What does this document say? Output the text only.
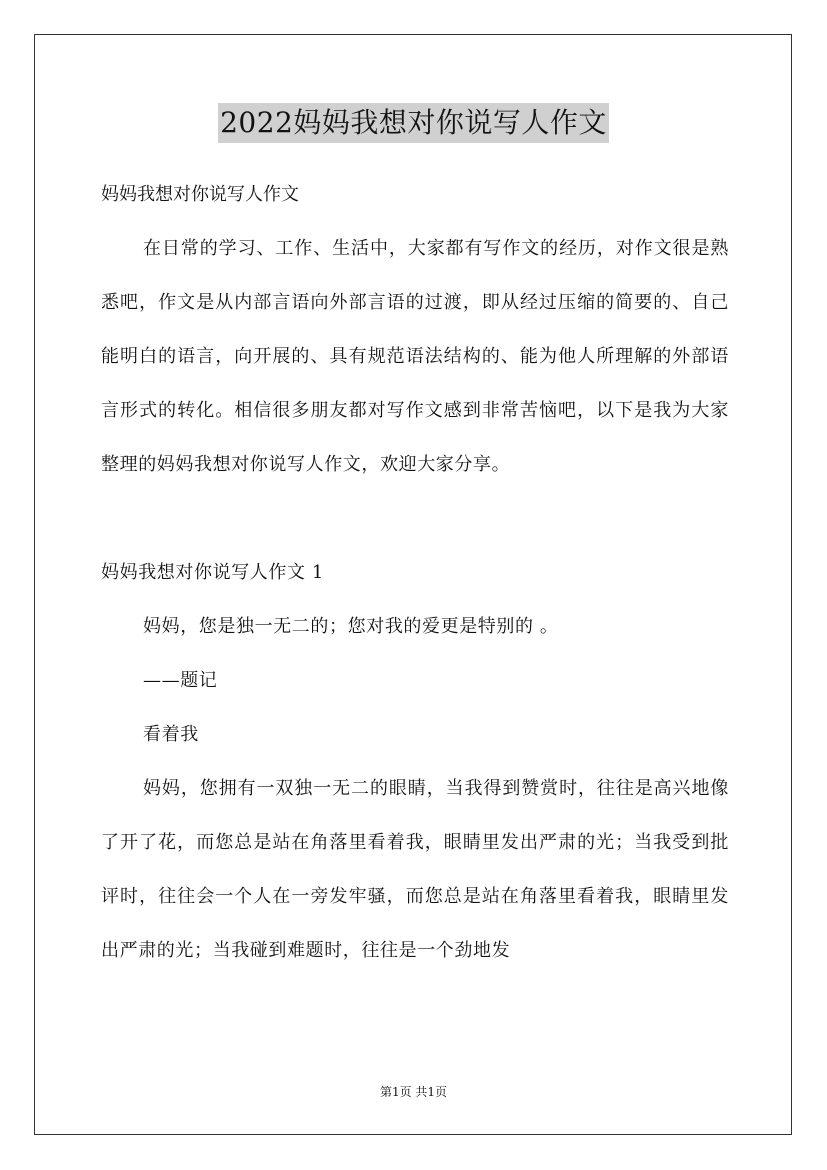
2022妈妈我想对你说写人作文

妈妈我想对你说写人作文

在日常的学习、工作、生活中，大家都有写作文的经历，对作文很是熟悉吧，作文是从内部言语向外部言语的过渡，即从经过压缩的简要的、自己能明白的语言，向开展的、具有规范语法结构的、能为他人所理解的外部语言形式的转化。相信很多朋友都对写作文感到非常苦恼吧，以下是我为大家整理的妈妈我想对你说写人作文，欢迎大家分享。

妈妈我想对你说写人作文 1

妈妈，您是独一无二的；您对我的爱更是特别的 。

——题记

看着我

妈妈，您拥有一双独一无二的眼睛，当我得到赞赏时，往往是高兴地像了开了花，而您总是站在角落里看着我，眼睛里发出严肃的光；当我受到批评时，往往会一个人在一旁发牢骚，而您总是站在角落里看着我，眼睛里发出严肃的光；当我碰到难题时，往往是一个劲地发

第1页 共1页
